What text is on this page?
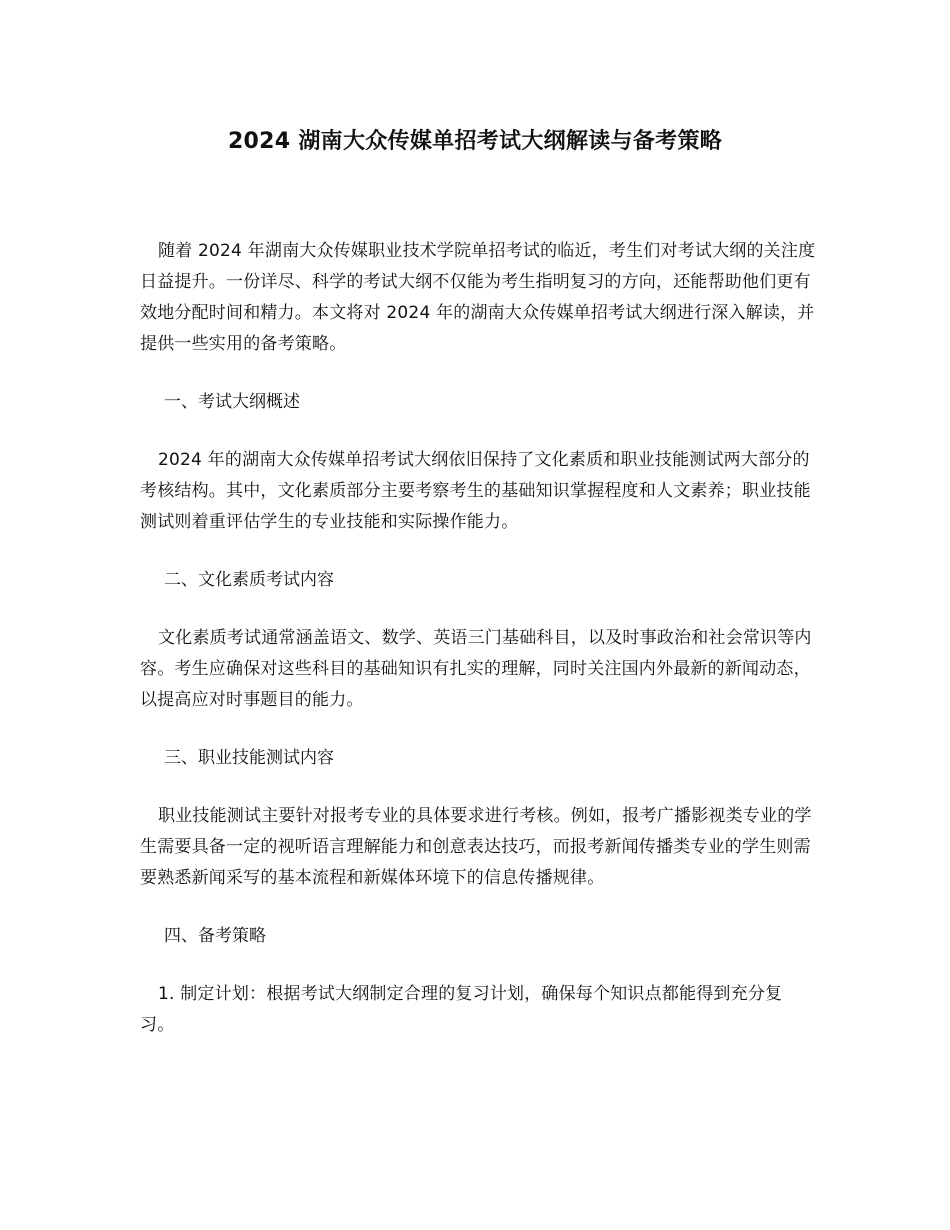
2024 湖南大众传媒单招考试大纲解读与备考策略

随着 2024 年湖南大众传媒职业技术学院单招考试的临近，考生们对考试大纲的关注度日益提升。一份详尽、科学的考试大纲不仅能为考生指明复习的方向，还能帮助他们更有效地分配时间和精力。本文将对 2024 年的湖南大众传媒单招考试大纲进行深入解读，并提供一些实用的备考策略。

一、考试大纲概述

2024 年的湖南大众传媒单招考试大纲依旧保持了文化素质和职业技能测试两大部分的考核结构。其中，文化素质部分主要考察考生的基础知识掌握程度和人文素养；职业技能测试则着重评估学生的专业技能和实际操作能力。

二、文化素质考试内容

文化素质考试通常涵盖语文、数学、英语三门基础科目，以及时事政治和社会常识等内容。考生应确保对这些科目的基础知识有扎实的理解，同时关注国内外最新的新闻动态，以提高应对时事题目的能力。

三、职业技能测试内容

职业技能测试主要针对报考专业的具体要求进行考核。例如，报考广播影视类专业的学生需要具备一定的视听语言理解能力和创意表达技巧，而报考新闻传播类专业的学生则需要熟悉新闻采写的基本流程和新媒体环境下的信息传播规律。

四、备考策略

1. 制定计划：根据考试大纲制定合理的复习计划，确保每个知识点都能得到充分复习。
